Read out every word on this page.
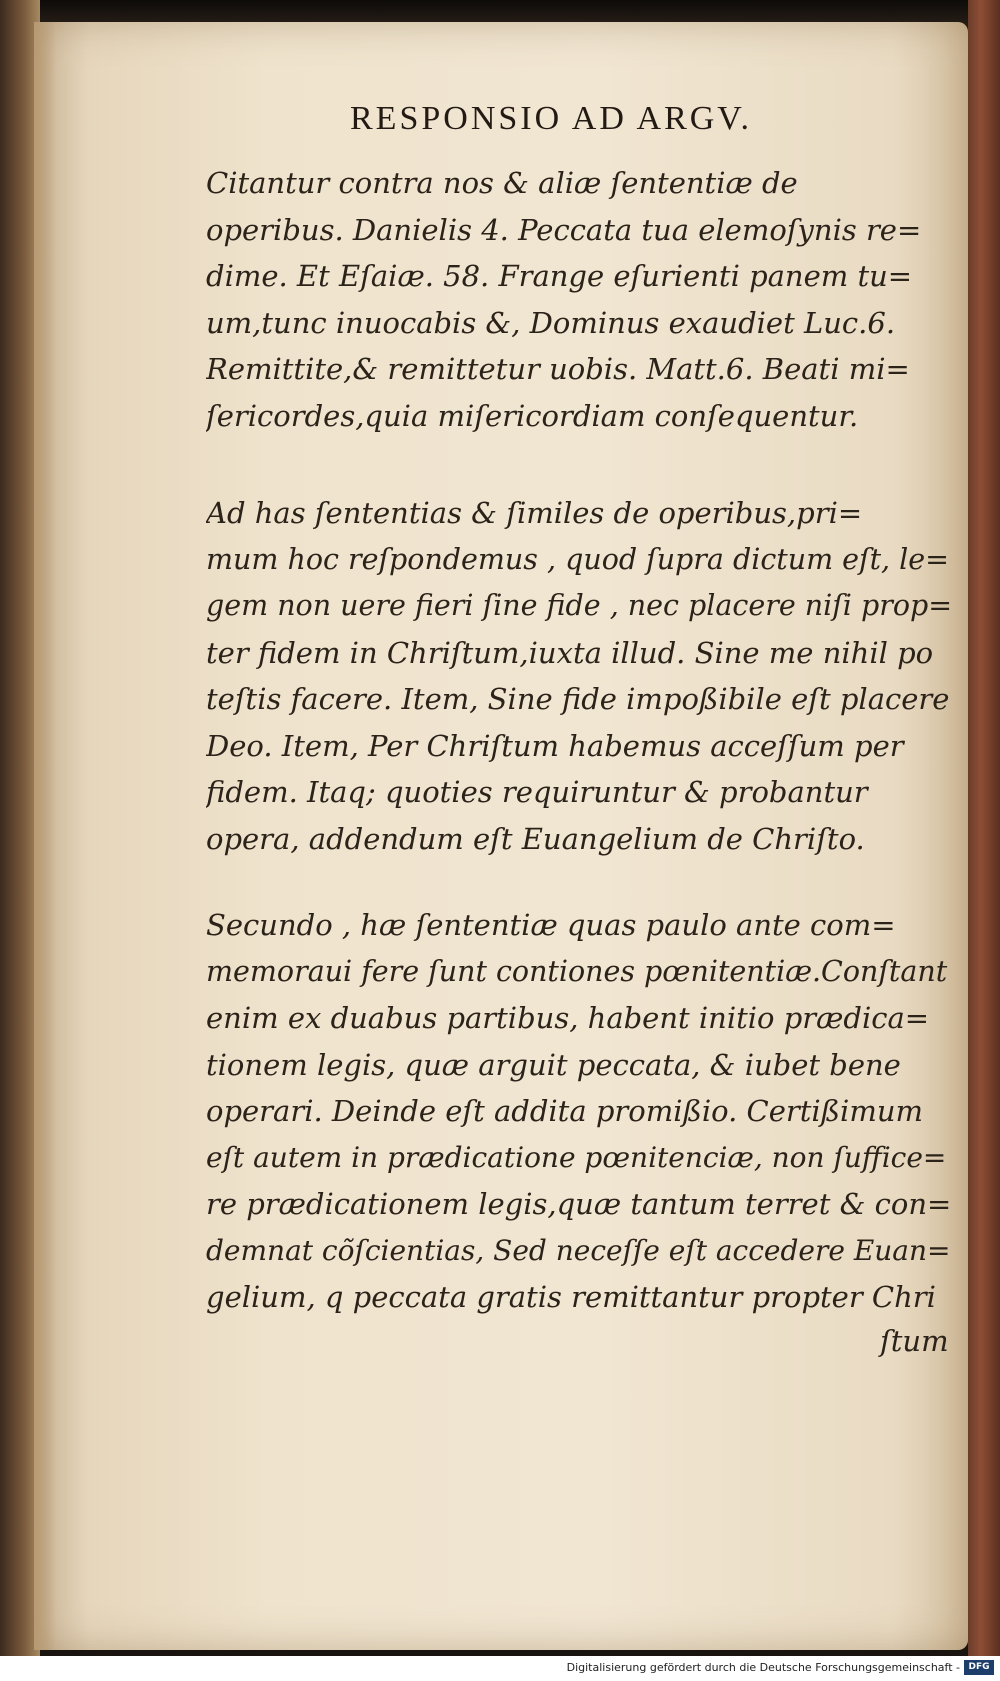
RESPONSIO AD ARGV.
Citantur contra nos & aliæ ſententiæ de
operibus. Danielis 4. Peccata tua elemoſynis re=
dime. Et Eſaiæ. 58. Frange eſurienti panem tu=
um,tunc inuocabis &, Dominus exaudiet Luc.6.
Remittite,& remittetur uobis. Matt.6. Beati mi=
ſericordes,quia miſericordiam conſequentur.
Ad has ſententias & ſimiles de operibus,pri=
mum hoc reſpondemus , quod ſupra dictum eſt, le=
gem non uere fieri ſine fide , nec placere niſi prop=
ter fidem in Chriſtum,iuxta illud. Sine me nihil po
teſtis facere. Item, Sine fide impoßibile eſt placere
Deo. Item, Per Chriſtum habemus acceſſum per
fidem. Itaq; quoties requiruntur & probantur
opera, addendum eſt Euangelium de Chriſto.
Secundo , hæ ſententiæ quas paulo ante com=
memoraui fere ſunt contiones pœnitentiæ.Conſtant
enim ex duabus partibus, habent initio prædica=
tionem legis, quæ arguit peccata, & iubet bene
operari. Deinde eſt addita promißio. Certißimum
eſt autem in prædicatione pœnitenciæ, non ſuffice=
re prædicationem legis,quæ tantum terret & con=
demnat cõſcientias, Sed neceſſe eſt accedere Euan=
gelium, q peccata gratis remittantur propter Chri
ſtum
Digitalisierung gefördert durch die Deutsche Forschungsgemeinschaft - DFG
